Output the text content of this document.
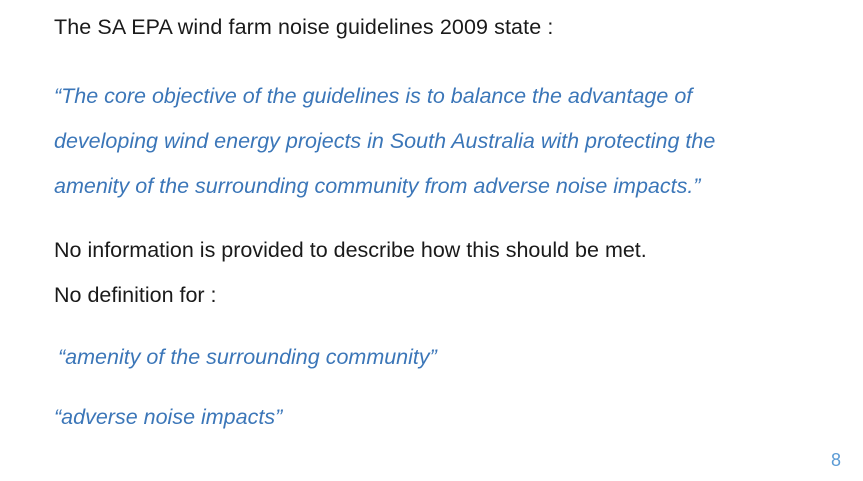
The SA EPA wind farm noise guidelines 2009 state :
“The core objective of the guidelines is to balance the advantage of
developing wind energy projects in South Australia with protecting the
amenity of the surrounding community from adverse noise impacts.”
No information is provided to describe how this should be met.
No definition for :
“amenity of the surrounding community”
“adverse noise impacts”
8
